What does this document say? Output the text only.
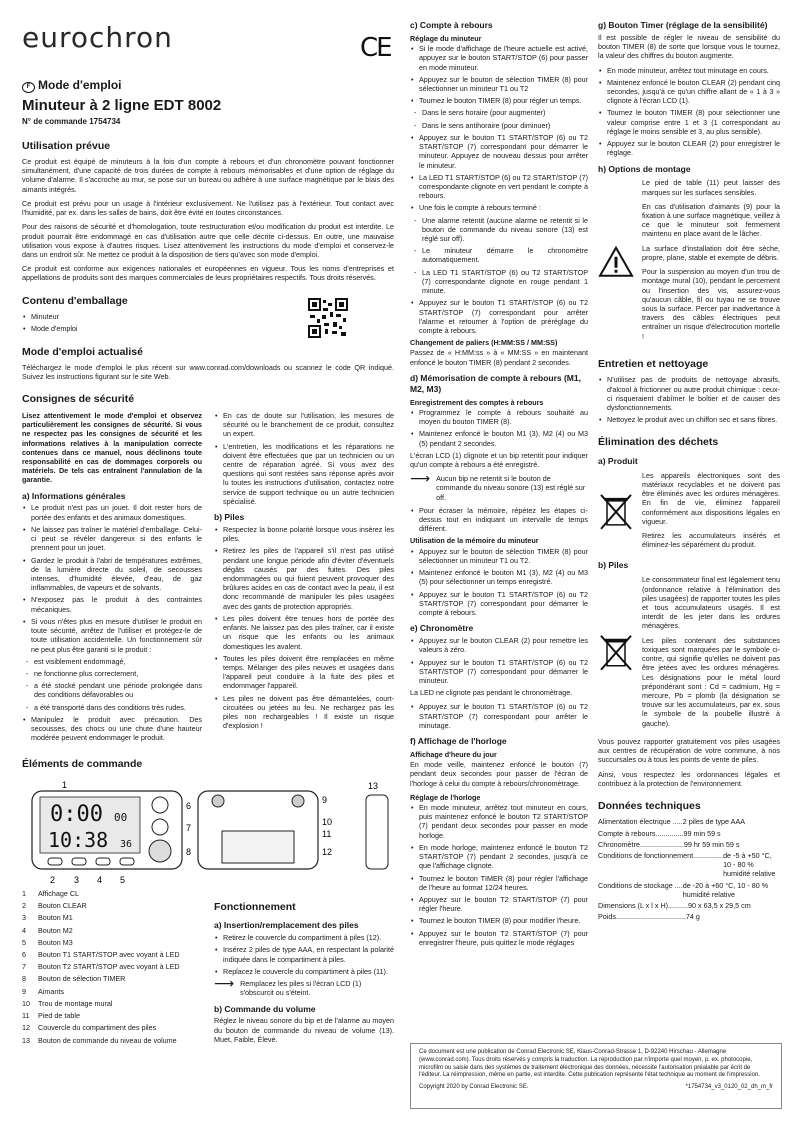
eurochron
F Mode d'emploi
Minuteur à 2 ligne EDT 8002
N° de commande 1754734
Utilisation prévue

Ce produit est équipé de minuteurs à la fois d'un compte à rebours et d'un chronomètre pouvant fonctionner simultanément, d'une capacité de trois durées de compte à rebours mémorisables et d'une option de réglage du volume d'alarme. Il s'accroche au mur, se pose sur un bureau ou adhère à une surface magnétique par le biais des aimants intégrés.

Ce produit est prévu pour un usage à l'intérieur exclusivement. Ne l'utilisez pas à l'extérieur. Tout contact avec l'humidité, par ex. dans les salles de bains, doit être évité en toutes circonstances.

Pour des raisons de sécurité et d'homologation, toute restructuration et/ou modification du produit est interdite. Le produit pourrait être endommagé en cas d'utilisation autre que celle décrite ci-dessus. En outre, une mauvaise utilisation vous expose à d'autres risques. Lisez attentivement les instructions du mode d'emploi et conservez-le dans un endroit sûr. Ne mettez ce produit à la disposition de tiers qu'avec son mode d'emploi.

Ce produit est conforme aux exigences nationales et européennes en vigueur. Tous les noms d'entreprises et appellations de produits sont des marques commerciales de leurs propriétaires respectifs. Tous droits réservés.

Contenu d'emballage
• Minuteur
• Mode d'emploi
Mode d'emploi actualisé

Téléchargez le mode d'emploi le plus récent sur www.conrad.com/downloads ou scannez le code QR indiqué. Suivez les instructions figurant sur le site Web.

Consignes de sécurité

Lisez attentivement le mode d'emploi et observez particulièrement les consignes de sécurité. Si vous ne respectez pas les consignes de sécurité et les informations relatives à la manipulation correcte contenues dans ce manuel, nous déclinons toute responsabilité en cas de dommages corporels ou matériels. De tels cas entraînent l'annulation de la garantie.

a) Informations générales
• Le produit n'est pas un jouet. Il doit rester hors de portée des enfants et des animaux domestiques.
• Ne laissez pas traîner le matériel d'emballage. Celui-ci peut se révéler dangereux si des enfants le prennent pour un jouet.
• Gardez le produit à l'abri de températures extrêmes, de la lumière directe du soleil, de secousses intenses, d'humidité élevée, d'eau, de gaz inflammables, de vapeurs et de solvants.
• N'exposez pas le produit à des contraintes mécaniques.
• Si vous n'êtes plus en mesure d'utiliser le produit en toute sécurité, arrêtez de l'utiliser et protégez-le de toute utilisation accidentelle. Un fonctionnement sûr ne peut plus être garanti si le produit :
- est visiblement endommagé,
- ne fonctionne plus correctement,
- a été stocké pendant une période prolongée dans des conditions défavorables ou
- a été transporté dans des conditions très rudes.
• Manipulez le produit avec précaution. Des secousses, des chocs ou une chute d'une hauteur modérée peuvent endommager le produit.
• En cas de doute sur l'utilisation, les mesures de sécurité ou le branchement de ce produit, consultez un expert.
• L'entretien, les modifications et les réparations ne doivent être effectuées que par un technicien ou un centre de réparation agréé. Si vous avez des questions qui sont restées sans réponse après avoir lu toutes les instructions d'utilisation, contactez notre service de support technique ou un autre technicien spécialisé.
b) Piles
• Respectez la bonne polarité lorsque vous insérez les piles.
• Retirez les piles de l'appareil s'il n'est pas utilisé pendant une longue période afin d'éviter d'éventuels dégâts causés par des fuites. Des piles endommagées ou qui fuient peuvent provoquer des brûlures acides en cas de contact avec la peau, il est donc recommandé de manipuler les piles usagées avec des gants de protection appropriés.
• Les piles doivent être tenues hors de portée des enfants. Ne laissez pas des piles traîner, car il existe un risque que les enfants ou les animaux domestiques les avalent.
• Toutes les piles doivent être remplacées en même temps. Mélanger des piles neuves et usagées dans l'appareil peut conduire à la fuite des piles et endommager l'appareil.
• Les piles ne doivent pas être démantelées, court-circuitées ou jetées au feu. Ne rechargez pas les piles non rechargeables ! Il existe un risque d'explosion !
Éléments de commande
0:00 00
10:38 36
1
2 3 4 5
6
7
8
9
10
11
12
13
1 Affichage CL
2 Bouton CLEAR
3 Bouton M1
4 Bouton M2
5 Bouton M3
6 Bouton T1 START/STOP avec voyant à LED
7 Bouton T2 START/STOP avec voyant à LED
8 Bouton de sélection TIMER
9 Aimants
10 Trou de montage mural
11 Pied de table
12 Couvercle du compartiment des piles
13 Bouton de commande du niveau de volume
Fonctionnement
a) Insertion/remplacement des piles
• Retirez le couvercle du compartiment à piles (12).
• Insérez 2 piles de type AAA, en respectant la polarité indiquée dans le compartiment à piles.
• Replacez le couvercle du compartiment à piles (11).
⟶ Remplacez les piles si l'écran LCD (1) s'obscurcit ou s'éteint.
b) Commande du volume

Réglez le niveau sonore du bip et de l'alarme au moyen du bouton de commande du niveau de volume (13). Muet, Faible, Élevé.

CE
c) Compte à rebours
Réglage du minuteur
• Si le mode d'affichage de l'heure actuelle est activé, appuyez sur le bouton START/STOP (6) pour passer en mode minuteur.
• Appuyez sur le bouton de sélection TIMER (8) pour sélectionner un minuteur T1 ou T2
• Tournez le bouton TIMER (8) pour régler un temps.
- Dans le sens horaire (pour augmenter)
- Dans le sens antihoraire (pour diminuer)
• Appuyez sur le bouton T1 START/STOP (6) ou T2 START/STOP (7) correspondant pour démarrer le minuteur. Appuyez de nouveau dessus pour arrêter le minuteur.
• La LED T1 START/STOP (6) ou T2 START/STOP (7) correspondante clignote en vert pendant le compte à rebours.
• Une fois le compte à rebours terminé :
- Une alarme retentit (aucune alarme ne retentit si le bouton de commande du niveau sonore (13) est réglé sur off).
- Le minuteur démarre le chronomètre automatiquement.
- La LED T1 START/STOP (6) ou T2 START/STOP (7) correspondante clignote en rouge pendant 1 minute.
• Appuyez sur le bouton T1 START/STOP (6) ou T2 START/STOP (7) correspondant pour arrêter l'alarme et retourner à l'option de préréglage du compte à rebours.
Changement de paliers (H:MM:SS / MM:SS)

Passez de « H:MM:ss » à « MM:SS » en maintenant enfoncé le bouton TIMER (8) pendant 2 secondes.

d) Mémorisation de compte à rebours (M1, M2, M3)
Enregistrement des comptes à rebours
• Programmez le compte à rebours souhaité au moyen du bouton TIMER (8).
• Maintenez enfoncé le bouton M1 (3), M2 (4) ou M3 (5) pendant 2 secondes.

L'écran LCD (1) clignote et un bip retentit pour indiquer qu'un compte à rebours a été enregistré.

⟶ Aucun bip ne retentit si le bouton de commande du niveau sonore (13) est réglé sur off.
• Pour écraser la mémoire, répétez les étapes ci-dessus tout en indiquant un intervalle de temps différent.
Utilisation de la mémoire du minuteur
• Appuyez sur le bouton de sélection TIMER (8) pour sélectionner un minuteur T1 ou T2.
• Maintenez enfoncé le bouton M1 (3), M2 (4) ou M3 (5) pour sélectionner un temps enregistré.
• Appuyez sur le bouton T1 START/STOP (6) ou T2 START/STOP (7) correspondant pour démarrer le compte à rebours.
e) Chronomètre
• Appuyez sur le bouton CLEAR (2) pour remettre les valeurs à zéro.
• Appuyez sur le bouton T1 START/STOP (6) ou T2 START/STOP (7) correspondant pour démarrer le minuteur.

La LED ne clignote pas pendant le chronomètrage.

• Appuyez sur le bouton T1 START/STOP (6) ou T2 START/STOP (7) correspondant pour arrêter le minutage.
f) Affichage de l'horloge
Affichage d'heure du jour

En mode veille, maintenez enfoncé le bouton (7) pendant deux secondes pour passer de l'écran de l'horloge à celui du compte à rebours/chronomètrage.

Réglage de l'horloge
• En mode minuteur, arrêtez tout minuteur en cours, puis maintenez enfoncé le bouton T2 START/STOP (7) pendant deux secondes pour passer en mode horloge.
• En mode horloge, maintenez enfoncé le bouton T2 START/STOP (7) pendant 2 secondes, jusqu'à ce que l'affichage clignote.
• Tournez le bouton TIMER (8) pour régler l'affichage de l'heure au format 12/24 heures.
• Appuyez sur le bouton T2 START/STOP (7) pour régler l'heure.
• Tournez le bouton TIMER (8) pour modifier l'heure.
• Appuyez sur le bouton T2 START/STOP (7) pour enregistrer l'heure, puis quittez le mode réglages
g) Bouton Timer (réglage de la sensibilité)

Il est possible de régler le niveau de sensibilité du bouton TIMER (8) de sorte que lorsque vous le tournez, la valeur des chiffres du bouton augmente.

• En mode minuteur, arrêtez tout minutage en cours.
• Maintenez enfoncé le bouton CLEAR (2) pendant cinq secondes, jusqu'à ce qu'un chiffre allant de « 1 à 3 » clignote à l'écran LCD (1).
• Tournez le bouton TIMER (8) pour sélectionner une valeur comprise entre 1 et 3 (1 correspondant au réglage le moins sensible et 3, au plus sensible).
• Appuyez sur le bouton CLEAR (2) pour enregistrer le réglage.
h) Options de montage

Le pied de table (11) peut laisser des marques sur les surfaces sensibles.

En cas d'utilisation d'aimants (9) pour la fixation à une surface magnétique, veillez à ce que le minuteur soit fermement maintenu en place avant de le lâcher.

La surface d'installation doit être sèche, propre, plane, stable et exempte de débris.

Pour la suspension au moyen d'un trou de montage mural (10), pendant le percement ou l'insertion des vis, assurez-vous qu'aucun câble, fil ou tuyau ne se trouve sous la surface. Percer par inadvertance à travers des câbles électriques peut entraîner un risque d'électrocution mortelle !

Entretien et nettoyage
• N'utilisez pas de produits de nettoyage abrasifs, d'alcool à frictionner ou autre produit chimique : ceux-ci risqueraient d'abîmer le boîtier et de causer des dysfonctionnements.
• Nettoyez le produit avec un chiffon sec et sans fibres.
Élimination des déchets
a) Produit

Les appareils électroniques sont des matériaux recyclables et ne doivent pas être éliminés avec les ordures ménagères. En fin de vie, éliminez l'appareil conformément aux dispositions légales en vigueur.

Retirez les accumulateurs insérés et éliminez-les séparément du produit.

b) Piles

Le consommateur final est légalement tenu (ordonnance relative à l'élimination des piles usagées) de rapporter toutes les piles et tous accumulateurs usagés. Il est interdit de les jeter dans les ordures ménagères.

Les piles contenant des substances toxiques sont marquées par le symbole ci-contre, qui signifie qu'elles ne doivent pas être jetées avec les ordures ménagères. Les désignations pour le métal lourd prépondérant sont : Cd = cadmium, Hg = mercure, Pb = plomb (la désignation se trouve sur les accumulateurs, par ex. sous le symbole de la poubelle illustré à gauche).

Vous pouvez rapporter gratuitement vos piles usagées aux centres de récupération de votre commune, à nos succursales ou à tous les points de vente de piles.

Ainsi, vous respectez les ordonnances légales et contribuez à la protection de l'environnement.

Données techniques
Alimentation électrique ..... 2 piles de type AAA
Compte à rebours.............. 99 min 59 s
Chronomètre...................... 99 hr 59 min 59 s
Conditions de fonctionnement............... de -5 à +50 °C, 10 - 80 % humidité relative
Conditions de stockage .... de -20 à +60 °C, 10 - 80 % humidité relative
Dimensions (L x l x H).......... 90 x 63,5 x 29,5 cm
Poids................................... 74 g
Ce document est une publication de Conrad Electronic SE, Klaus-Conrad-Strasse 1, D-92240 Hirschau - Allemagne (www.conrad.com). Tous droits réservés y compris la traduction. La reproduction par n'importe quel moyen, p. ex. photocopie, microfilm ou saisie dans des systèmes de traitement électronique des données, nécessite l'autorisation préalable par écrit de l'éditeur. La réimpression, même en partie, est interdite. Cette publication représente l'état technique au moment de l'impression.
Copyright 2020 by Conrad Electronic SE.	*1754734_v3_0120_02_dh_m_fr
